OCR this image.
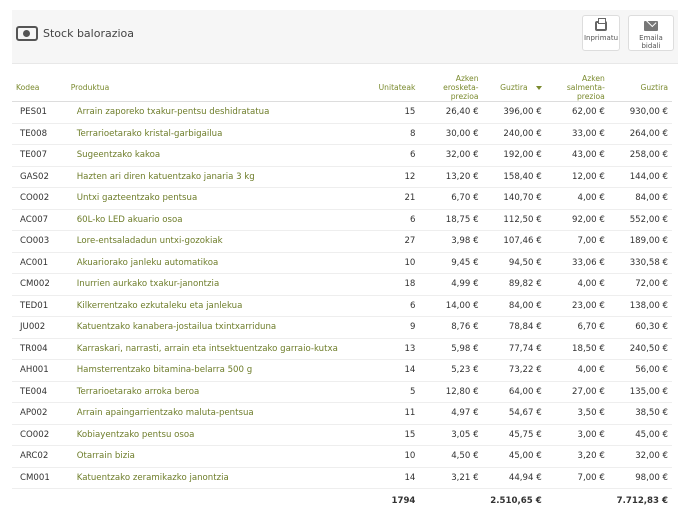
Stock balorazioa	Inprimatu	Emaila bidali
Kodea	Produktua	Unitateak	Azken erosketa-prezioa	Guztira	Azken salmenta-prezioa	Guztira
PES01	Arrain zaporeko txakur-pentsu deshidratatua	15	26,40 €	396,00 €	62,00 €	930,00 €
TE008	Terrarioetarako kristal-garbigailua	8	30,00 €	240,00 €	33,00 €	264,00 €
TE007	Sugeentzako kakoa	6	32,00 €	192,00 €	43,00 €	258,00 €
GAS02	Hazten ari diren katuentzako janaria 3 kg	12	13,20 €	158,40 €	12,00 €	144,00 €
CO002	Untxi gazteentzako pentsua	21	6,70 €	140,70 €	4,00 €	84,00 €
AC007	60L-ko LED akuario osoa	6	18,75 €	112,50 €	92,00 €	552,00 €
CO003	Lore-entsaladadun untxi-gozokiak	27	3,98 €	107,46 €	7,00 €	189,00 €
AC001	Akuariorako janleku automatikoa	10	9,45 €	94,50 €	33,06 €	330,58 €
CM002	Inurrien aurkako txakur-janontzia	18	4,99 €	89,82 €	4,00 €	72,00 €
TED01	Kilkerrentzako ezkutaleku eta janlekua	6	14,00 €	84,00 €	23,00 €	138,00 €
JU002	Katuentzako kanabera-jostailua txintxarriduna	9	8,76 €	78,84 €	6,70 €	60,30 €
TR004	Karraskari, narrasti, arrain eta intsektuentzako garraio-kutxa	13	5,98 €	77,74 €	18,50 €	240,50 €
AH001	Hamsterrentzako bitamina-belarra 500 g	14	5,23 €	73,22 €	4,00 €	56,00 €
TE004	Terrarioetarako arroka beroa	5	12,80 €	64,00 €	27,00 €	135,00 €
AP002	Arrain apaingarrientzako maluta-pentsua	11	4,97 €	54,67 €	3,50 €	38,50 €
CO002	Kobiayentzako pentsu osoa	15	3,05 €	45,75 €	3,00 €	45,00 €
ARC02	Otarrain bizia	10	4,50 €	45,00 €	3,20 €	32,00 €
CM001	Katuentzako zeramikazko janontzia	14	3,21 €	44,94 €	7,00 €	98,00 €
		1794		2.510,65 €		7.712,83 €
